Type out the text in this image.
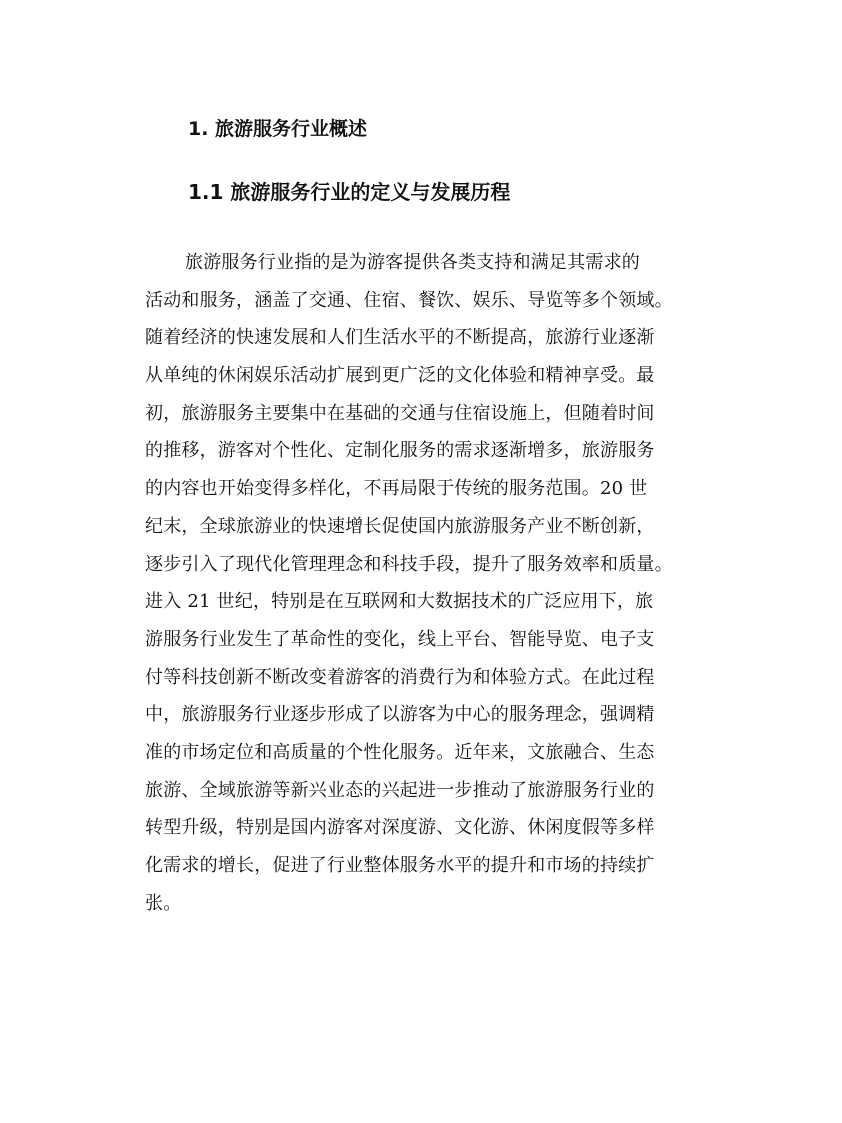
1. 旅游服务行业概述
1.1 旅游服务行业的定义与发展历程
旅游服务行业指的是为游客提供各类支持和满足其需求的
活动和服务，涵盖了交通、住宿、餐饮、娱乐、导览等多个领域。
随着经济的快速发展和人们生活水平的不断提高，旅游行业逐渐
从单纯的休闲娱乐活动扩展到更广泛的文化体验和精神享受。最
初，旅游服务主要集中在基础的交通与住宿设施上，但随着时间
的推移，游客对个性化、定制化服务的需求逐渐增多，旅游服务
的内容也开始变得多样化，不再局限于传统的服务范围。20 世
纪末，全球旅游业的快速增长促使国内旅游服务产业不断创新，
逐步引入了现代化管理理念和科技手段，提升了服务效率和质量。
进入 21 世纪，特别是在互联网和大数据技术的广泛应用下，旅
游服务行业发生了革命性的变化，线上平台、智能导览、电子支
付等科技创新不断改变着游客的消费行为和体验方式。在此过程
中，旅游服务行业逐步形成了以游客为中心的服务理念，强调精
准的市场定位和高质量的个性化服务。近年来，文旅融合、生态
旅游、全域旅游等新兴业态的兴起进一步推动了旅游服务行业的
转型升级，特别是国内游客对深度游、文化游、休闲度假等多样
化需求的增长，促进了行业整体服务水平的提升和市场的持续扩
张。
